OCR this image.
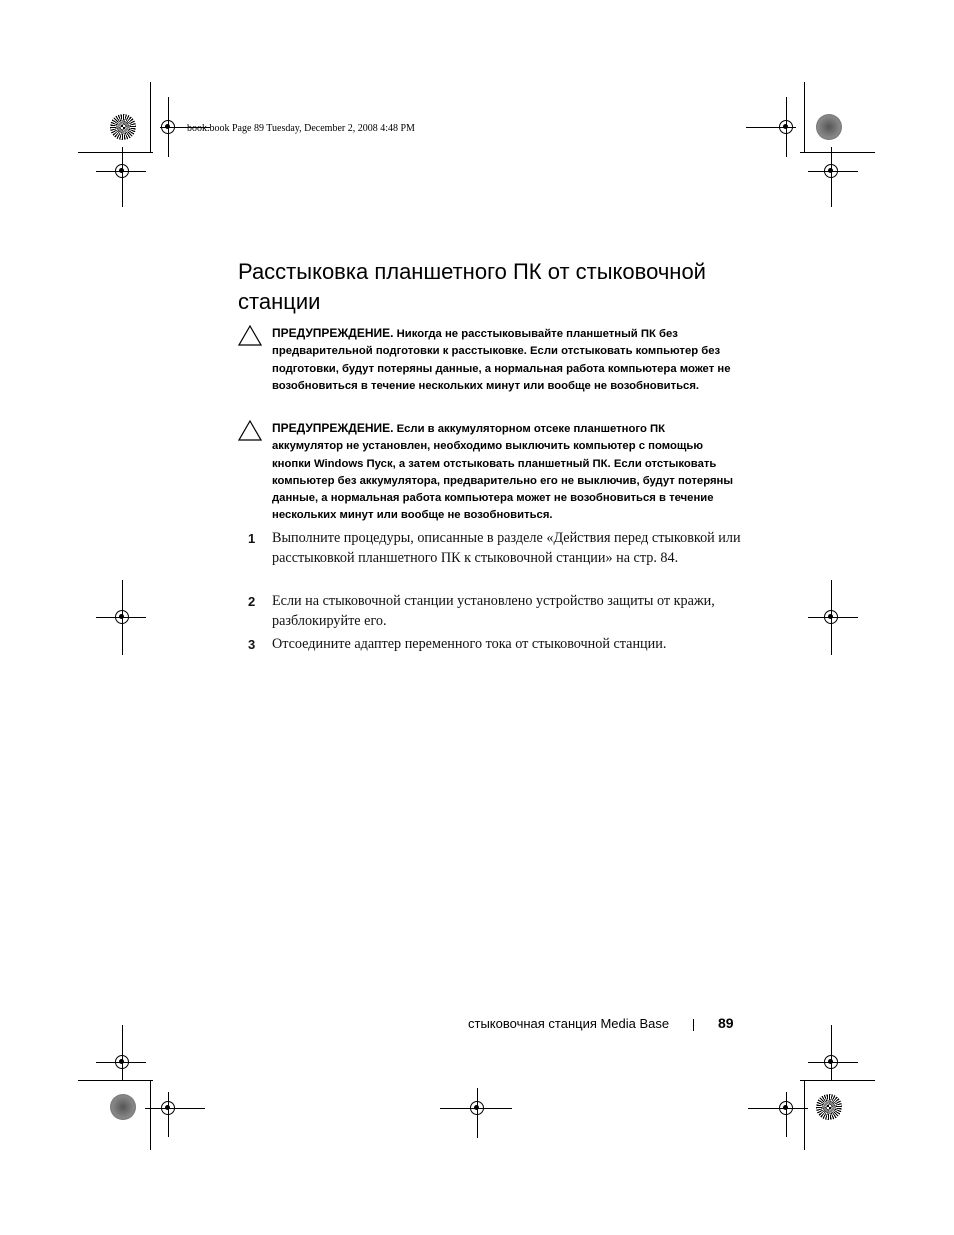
book.book Page 89 Tuesday, December 2, 2008 4:48 PM
Расстыковка планшетного ПК от стыковочной станции
ПРЕДУПРЕЖДЕНИЕ. Никогда не расстыковывайте планшетный ПК без предварительной подготовки к расстыковке. Если отстыковать компьютер без подготовки, будут потеряны данные, а нормальная работа компьютера может не возобновиться в течение нескольких минут или вообще не возобновиться.
ПРЕДУПРЕЖДЕНИЕ. Если в аккумуляторном отсеке планшетного ПК аккумулятор не установлен, необходимо выключить компьютер с помощью кнопки Windows Пуск, а затем отстыковать планшетный ПК. Если отстыковать компьютер без аккумулятора, предварительно его не выключив, будут потеряны данные, а нормальная работа компьютера может не возобновиться в течение нескольких минут или вообще не возобновиться.
1 Выполните процедуры, описанные в разделе «Действия перед стыковкой или расстыковкой планшетного ПК к стыковочной станции» на стр. 84.
2 Если на стыковочной станции установлено устройство защиты от кражи, разблокируйте его.
3 Отсоедините адаптер переменного тока от стыковочной станции.
стыковочная станция Media Base	89
